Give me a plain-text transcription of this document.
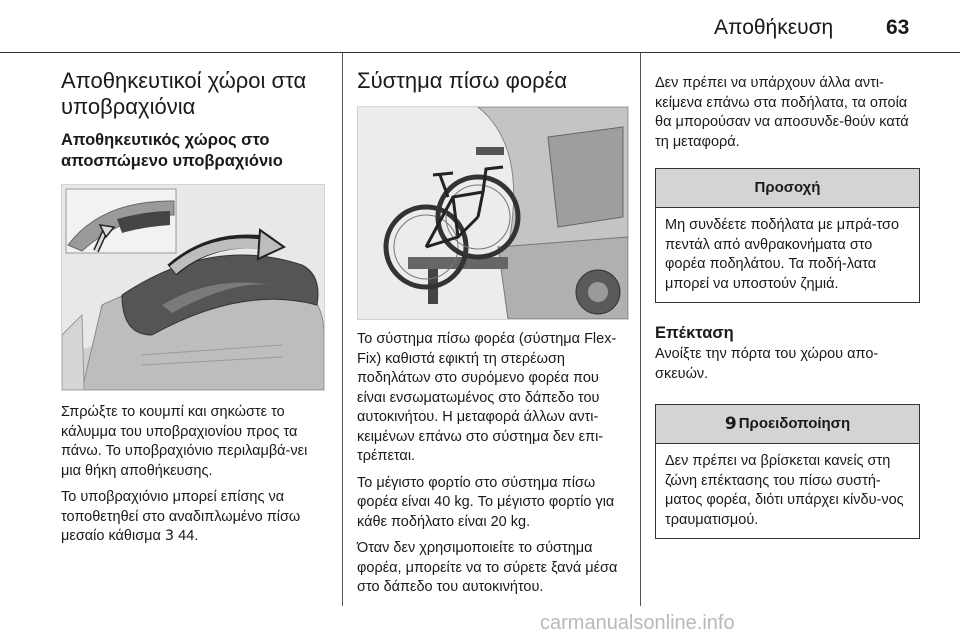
Αποθήκευση	63
Αποθηκευτικοί χώροι στα υποβραχιόνια
Αποθηκευτικός χώρος στο αποσπώμενο υποβραχιόνιο

Σπρώξτε το κουμπί και σηκώστε το κάλυμμα του υποβραχιονίου προς τα πάνω. Το υποβραχιόνιο περιλαμβά-νει μια θήκη αποθήκευσης.

Το υποβραχιόνιο μπορεί επίσης να τοποθετηθεί στο αναδιπλωμένο πίσω μεσαίο κάθισμα 3 44.

Σύστημα πίσω φορέα

Το σύστημα πίσω φορέα (σύστημα Flex-Fix) καθιστά εφικτή τη στερέωση ποδηλάτων στο συρόμενο φορέα που είναι ενσωματωμένος στο δάπεδο του αυτοκινήτου. Η μεταφορά άλλων αντι-κειμένων επάνω στο σύστημα δεν επι-τρέπεται.

Το μέγιστο φορτίο στο σύστημα πίσω φορέα είναι 40 kg. Το μέγιστο φορτίο για κάθε ποδήλατο είναι 20 kg.

Όταν δεν χρησιμοποιείτε το σύστημα φορέα, μπορείτε να το σύρετε ξανά μέσα στο δάπεδο του αυτοκινήτου.

Δεν πρέπει να υπάρχουν άλλα αντι-κείμενα επάνω στα ποδήλατα, τα οποία θα μπορούσαν να αποσυνδε-θούν κατά τη μεταφορά.

Προσοχή

Μη συνδέετε ποδήλατα με μπρά-τσο πεντάλ από ανθρακονήματα στο φορέα ποδηλάτου. Τα ποδή-λατα μπορεί να υποστούν ζημιά.

Επέκταση

Ανοίξτε την πόρτα του χώρου απο-σκευών.

9 Προειδοποίηση

Δεν πρέπει να βρίσκεται κανείς στη ζώνη επέκτασης του πίσω συστή-ματος φορέα, διότι υπάρχει κίνδυ-νος τραυματισμού.

carmanualsonline.info
